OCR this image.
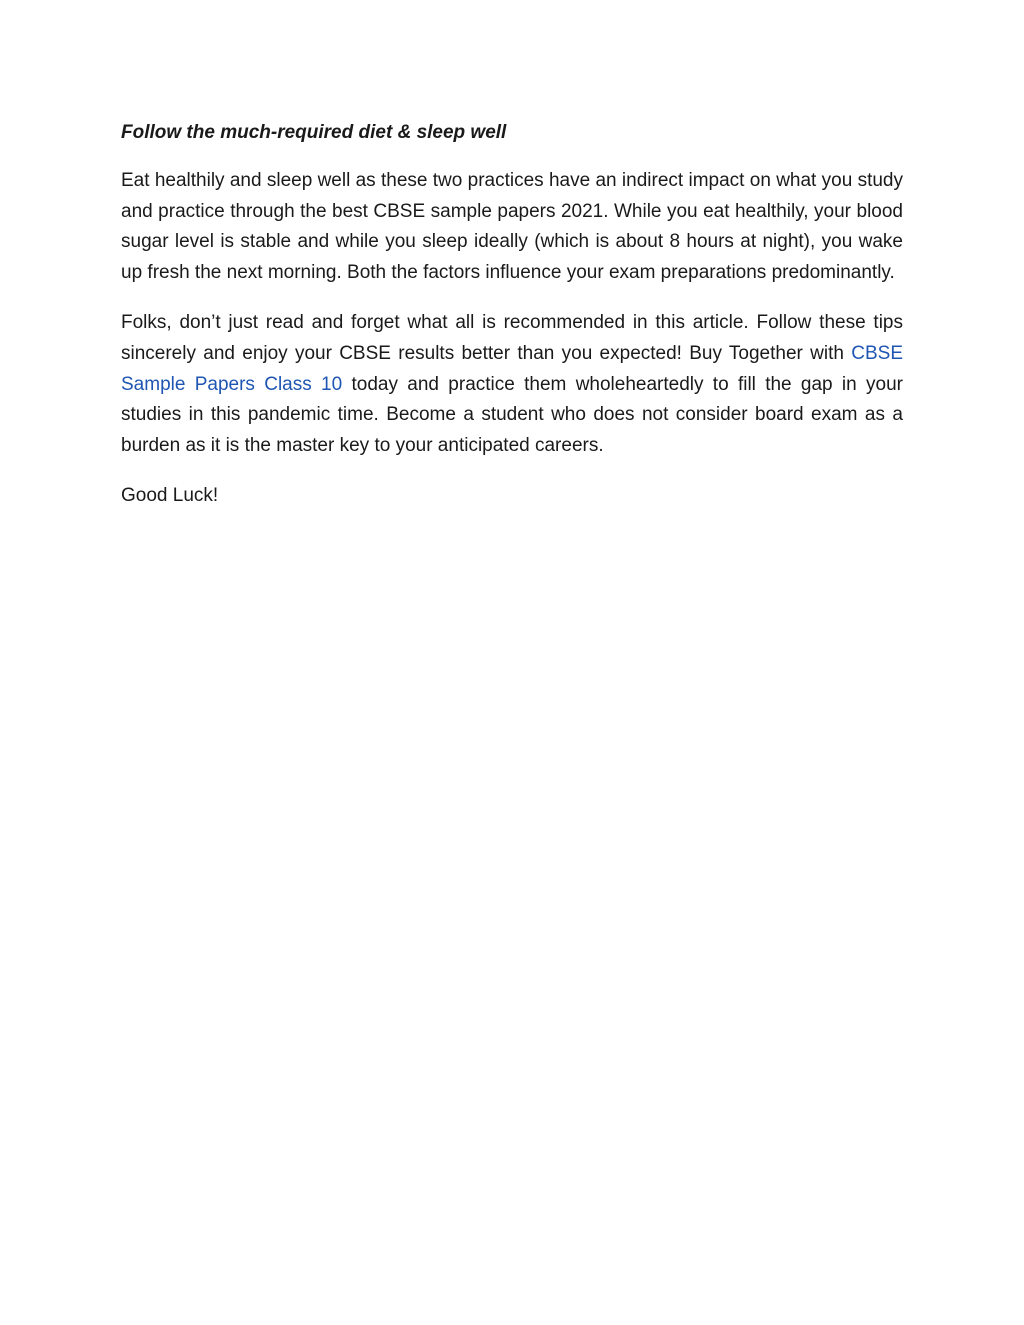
Follow the much-required diet & sleep well

Eat healthily and sleep well as these two practices have an indirect impact on what you study and practice through the best CBSE sample papers 2021. While you eat healthily, your blood sugar level is stable and while you sleep ideally (which is about 8 hours at night), you wake up fresh the next morning. Both the factors influence your exam preparations predominantly.

Folks, don’t just read and forget what all is recommended in this article. Follow these tips sincerely and enjoy your CBSE results better than you expected! Buy Together with CBSE Sample Papers Class 10 today and practice them wholeheartedly to fill the gap in your studies in this pandemic time. Become a student who does not consider board exam as a burden as it is the master key to your anticipated careers.

Good Luck!
